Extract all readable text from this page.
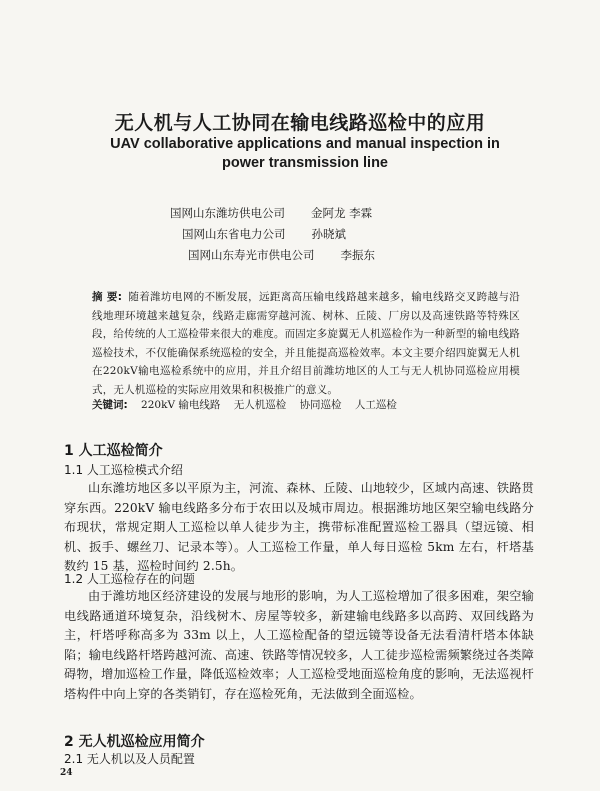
无人机与人工协同在输电线路巡检中的应用
UAV collaborative applications and manual inspection in power transmission line
国网山东潍坊供电公司 金阿龙 李霖
国网山东省电力公司 孙晓斌
国网山东寿光市供电公司 李振东
摘 要: 随着潍坊电网的不断发展，远距离高压输电线路越来越多，输电线路交叉跨越与沿线地理环境越来越复杂，线路走廊需穿越河流、树林、丘陵、厂房以及高速铁路等特殊区段，给传统的人工巡检带来很大的难度。而固定多旋翼无人机巡检作为一种新型的输电线路巡检技术，不仅能确保系统巡检的安全，并且能提高巡检效率。本文主要介绍四旋翼无人机在220kV输电巡检系统中的应用，并且介绍目前潍坊地区的人工与无人机协同巡检应用模式，无人机巡检的实际应用效果和积极推广的意义。
关键词: 220kV 输电线路 无人机巡检 协同巡检 人工巡检
1 人工巡检简介
1.1 人工巡检模式介绍
山东潍坊地区多以平原为主，河流、森林、丘陵、山地较少，区域内高速、铁路贯穿东西。220kV 输电线路多分布于农田以及城市周边。根据潍坊地区架空输电线路分布现状，常规定期人工巡检以单人徒步为主，携带标准配置巡检工器具（望远镜、相机、扳手、螺丝刀、记录本等）。人工巡检工作量，单人每日巡检 5km 左右，杆塔基数约 15 基，巡检时间约 2.5h。
1.2 人工巡检存在的问题
由于潍坊地区经济建设的发展与地形的影响，为人工巡检增加了很多困难，架空输电线路通道环境复杂，沿线树木、房屋等较多，新建输电线路多以高跨、双回线路为主，杆塔呼称高多为 33m 以上，人工巡检配备的望远镜等设备无法看清杆塔本体缺陷；输电线路杆塔跨越河流、高速、铁路等情况较多，人工徒步巡检需频繁绕过各类障碍物，增加巡检工作量，降低巡检效率；人工巡检受地面巡检角度的影响，无法巡视杆塔构件中向上穿的各类销钉，存在巡检死角，无法做到全面巡检。
2 无人机巡检应用简介
2.1 无人机以及人员配置
24
